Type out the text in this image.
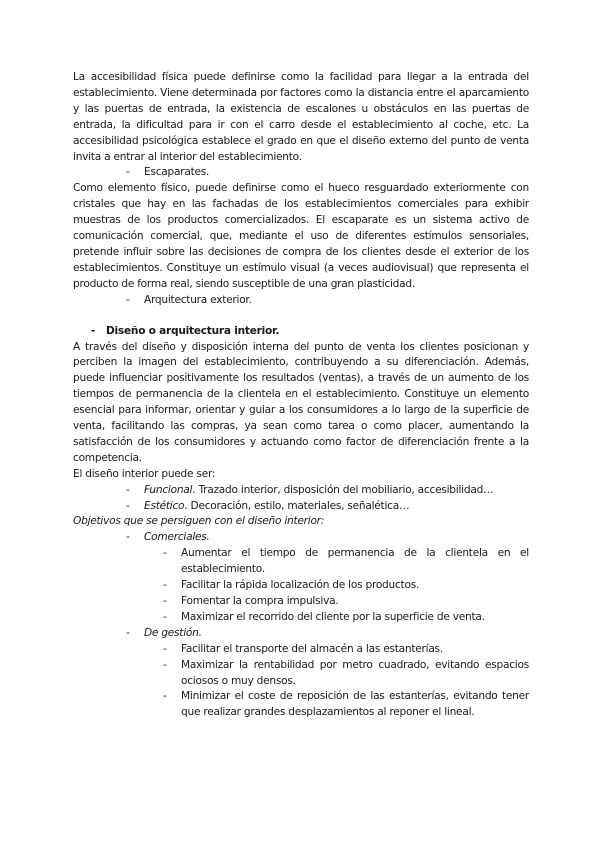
La accesibilidad física puede definirse como la facilidad para llegar a la entrada del establecimiento. Viene determinada por factores como la distancia entre el aparcamiento y las puertas de entrada, la existencia de escalones u obstáculos en las puertas de entrada, la dificultad para ir con el carro desde el establecimiento al coche, etc. La accesibilidad psicológica establece el grado en que el diseño externo del punto de venta invita a entrar al interior del establecimiento.

- Escaparates.

Como elemento físico, puede definirse como el hueco resguardado exteriormente con cristales que hay en las fachadas de los establecimientos comerciales para exhibir muestras de los productos comercializados. El escaparate es un sistema activo de comunicación comercial, que, mediante el uso de diferentes estímulos sensoriales, pretende influir sobre las decisiones de compra de los clientes desde el exterior de los establecimientos. Constituye un estímulo visual (a veces audiovisual) que representa el producto de forma real, siendo susceptible de una gran plasticidad.

- Arquitectura exterior.
- Diseño o arquitectura interior.

A través del diseño y disposición interna del punto de venta los clientes posicionan y perciben la imagen del establecimiento, contribuyendo a su diferenciación. Además, puede influenciar positivamente los resultados (ventas), a través de un aumento de los tiempos de permanencia de la clientela en el establecimiento. Constituye un elemento esencial para informar, orientar y guiar a los consumidores a lo largo de la superficie de venta, facilitando las compras, ya sean como tarea o como placer, aumentando la satisfacción de los consumidores y actuando como factor de diferenciación frente a la competencia.

El diseño interior puede ser:

- Funcional. Trazado interior, disposición del mobiliario, accesibilidad…
- Estético. Decoración, estilo, materiales, señalética…

Objetivos que se persiguen con el diseño interior:

- Comerciales.
- Aumentar el tiempo de permanencia de la clientela en el establecimiento.
- Facilitar la rápida localización de los productos.
- Fomentar la compra impulsiva.
- Maximizar el recorrido del cliente por la superficie de venta.
- De gestión.
- Facilitar el transporte del almacén a las estanterías.
- Maximizar la rentabilidad por metro cuadrado, evitando espacios ociosos o muy densos.
- Minimizar el coste de reposición de las estanterías, evitando tener que realizar grandes desplazamientos al reponer el lineal.
